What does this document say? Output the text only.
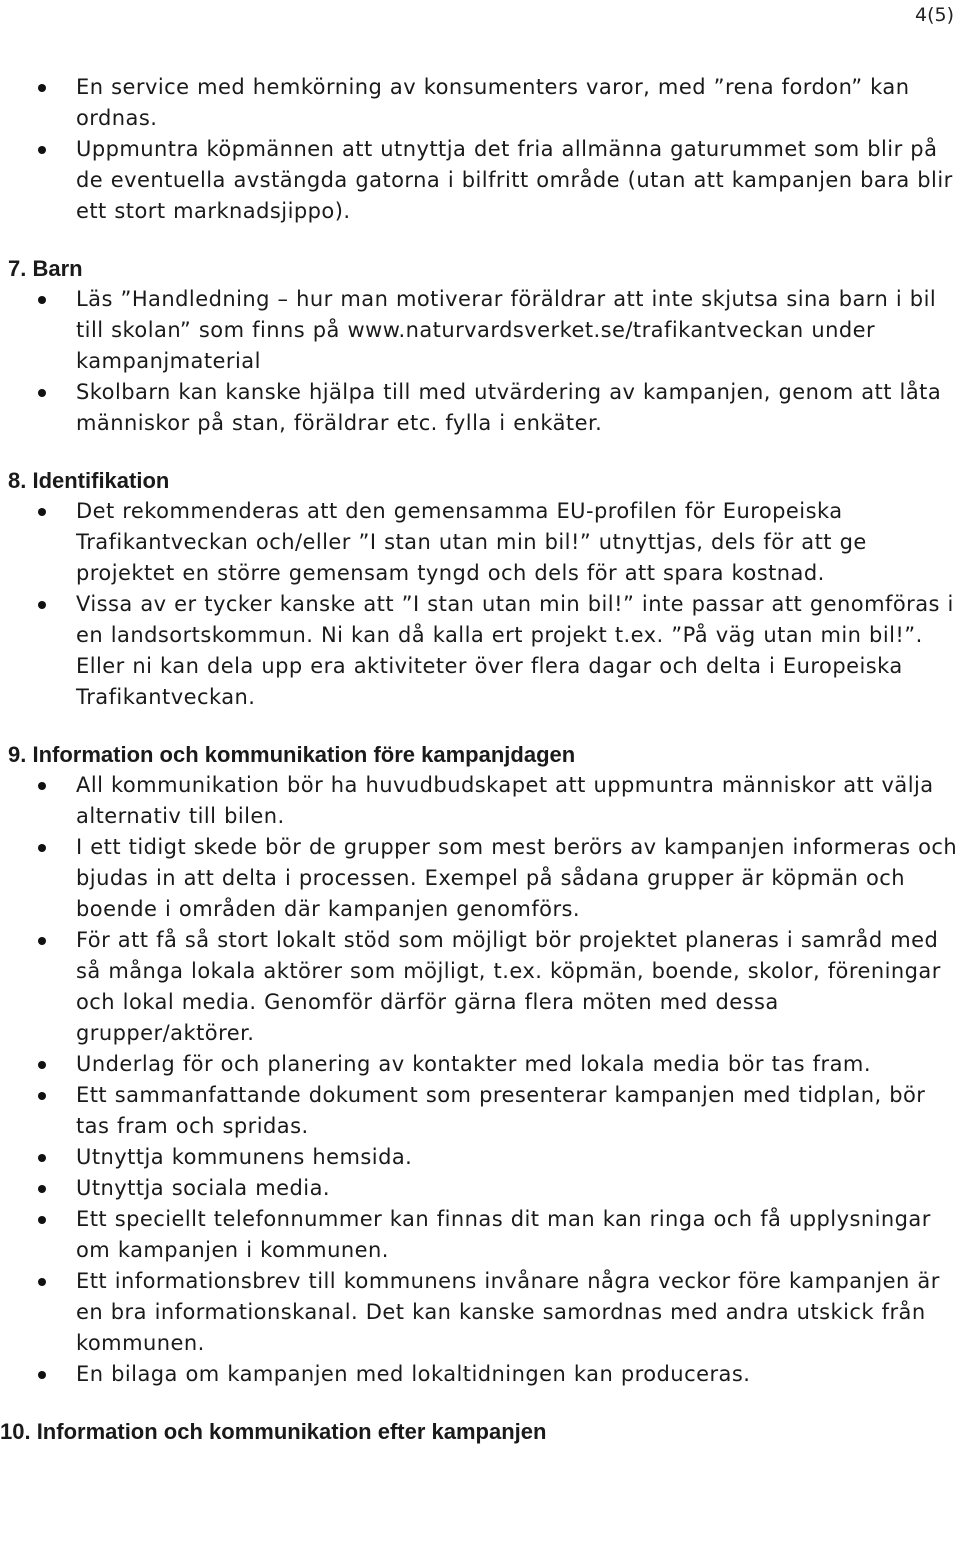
4(5)
En service med hemkörning av konsumenters varor, med ”rena fordon” kan ordnas.
Uppmuntra köpmännen att utnyttja det fria allmänna gaturummet som blir på de eventuella avstängda gatorna i bilfritt område (utan att kampanjen bara blir ett stort marknadsjippo).
7. Barn
Läs ”Handledning – hur man motiverar föräldrar att inte skjutsa sina barn i bil till skolan” som finns på www.naturvardsverket.se/trafikantveckan under kampanjmaterial
Skolbarn kan kanske hjälpa till med utvärdering av kampanjen, genom att låta människor på stan, föräldrar etc. fylla i enkäter.
8. Identifikation
Det rekommenderas att den gemensamma EU-profilen för Europeiska Trafikantveckan och/eller ”I stan utan min bil!” utnyttjas, dels för att ge projektet en större gemensam tyngd och dels för att spara kostnad.
Vissa av er tycker kanske att ”I stan utan min bil!” inte passar att genomföras i en landsortskommun. Ni kan då kalla ert projekt t.ex. ”På väg utan min bil!”. Eller ni kan dela upp era aktiviteter över flera dagar och delta i Europeiska Trafikantveckan.
9. Information och kommunikation före kampanjdagen
All kommunikation bör ha huvudbudskapet att uppmuntra människor att välja alternativ till bilen.
I ett tidigt skede bör de grupper som mest berörs av kampanjen informeras och bjudas in att delta i processen. Exempel på sådana grupper är köpmän och boende i områden där kampanjen genomförs.
För att få så stort lokalt stöd som möjligt bör projektet planeras i samråd med så många lokala aktörer som möjligt, t.ex. köpmän, boende, skolor, föreningar och lokal media. Genomför därför gärna flera möten med dessa grupper/aktörer.
Underlag för och planering av kontakter med lokala media bör tas fram.
Ett sammanfattande dokument som presenterar kampanjen med tidplan, bör tas fram och spridas.
Utnyttja kommunens hemsida.
Utnyttja sociala media.
Ett speciellt telefonnummer kan finnas dit man kan ringa och få upplysningar om kampanjen i kommunen.
Ett informationsbrev till kommunens invånare några veckor före kampanjen är en bra informationskanal. Det kan kanske samordnas med andra utskick från kommunen.
En bilaga om kampanjen med lokaltidningen kan produceras.
10. Information och kommunikation efter kampanjen
